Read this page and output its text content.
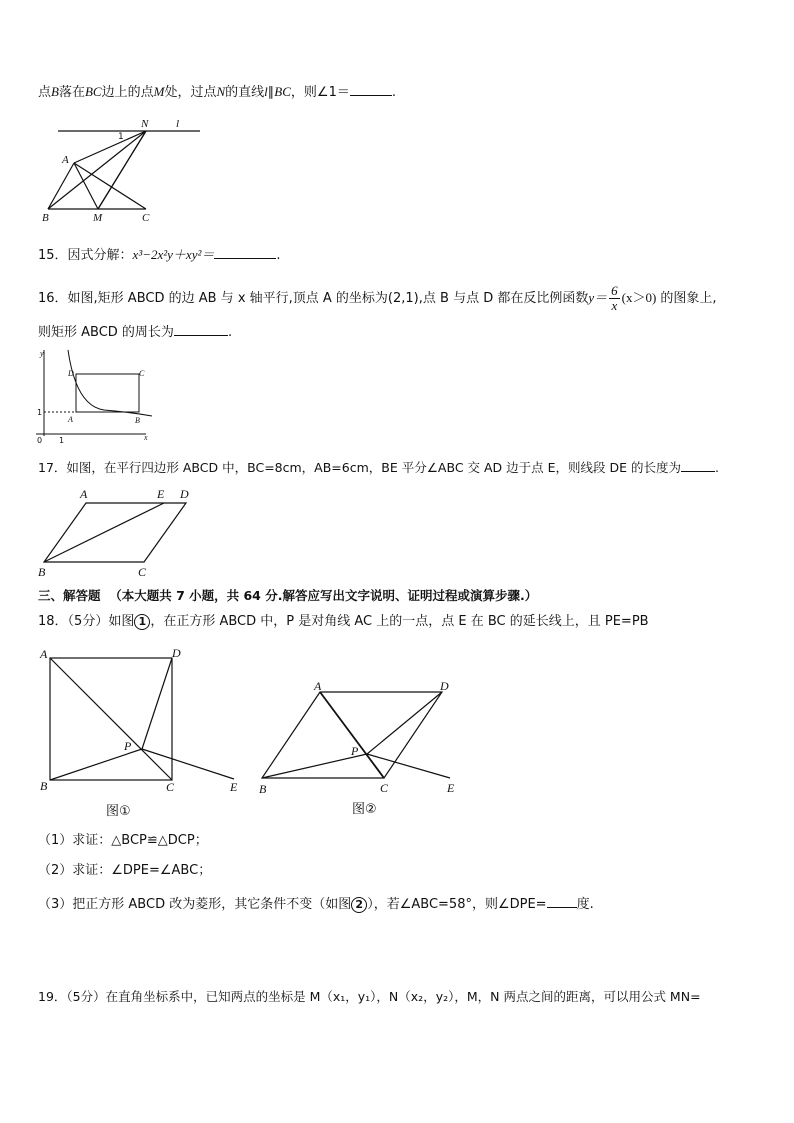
点B落在BC边上的点M处，过点N的直线l∥BC，则∠1＝	.
N	l
1
A
B	M	C
15．因式分解：x³−2x²y＋xy²＝	.
16．如图,矩形 ABCD 的边 AB 与 x 轴平行,顶点 A 的坐标为(2,1),点 B 与点 D 都在反比例函数$y= \frac{6}{x} (x>0)$ 的图象上,
则矩形 ABCD 的周长为	.
y
x
0 1
1
A	B
C
D
17．如图，在平行四边形 ABCD 中，BC=8cm，AB=6cm，BE 平分∠ABC 交 AD 边于点 E，则线段 DE 的长度为	.
A	E D
B	C
三、解答题 （本大题共 7 小题，共 64 分.解答应写出文字说明、证明过程或演算步骤.）
18．（5分）如图 1 ，在正方形 ABCD 中，P 是对角线 AC 上的一点，点 E 在 BC 的延长线上，且 PE=PB
A	D
P
B	C	E
图①
A	D
P
B	C	E
图②
（1）求证：△BCP≌△DCP；
（2）求证：∠DPE=∠ABC；
（3）把正方形 ABCD 改为菱形，其它条件不变（如图 2 ），若∠ABC=58°，则∠DPE= 度.
19．（5分）在直角坐标系中，已知两点的坐标是 M（x₁，y₁），N（x₂，y₂），M，N 两点之间的距离，可以用公式 MN=
